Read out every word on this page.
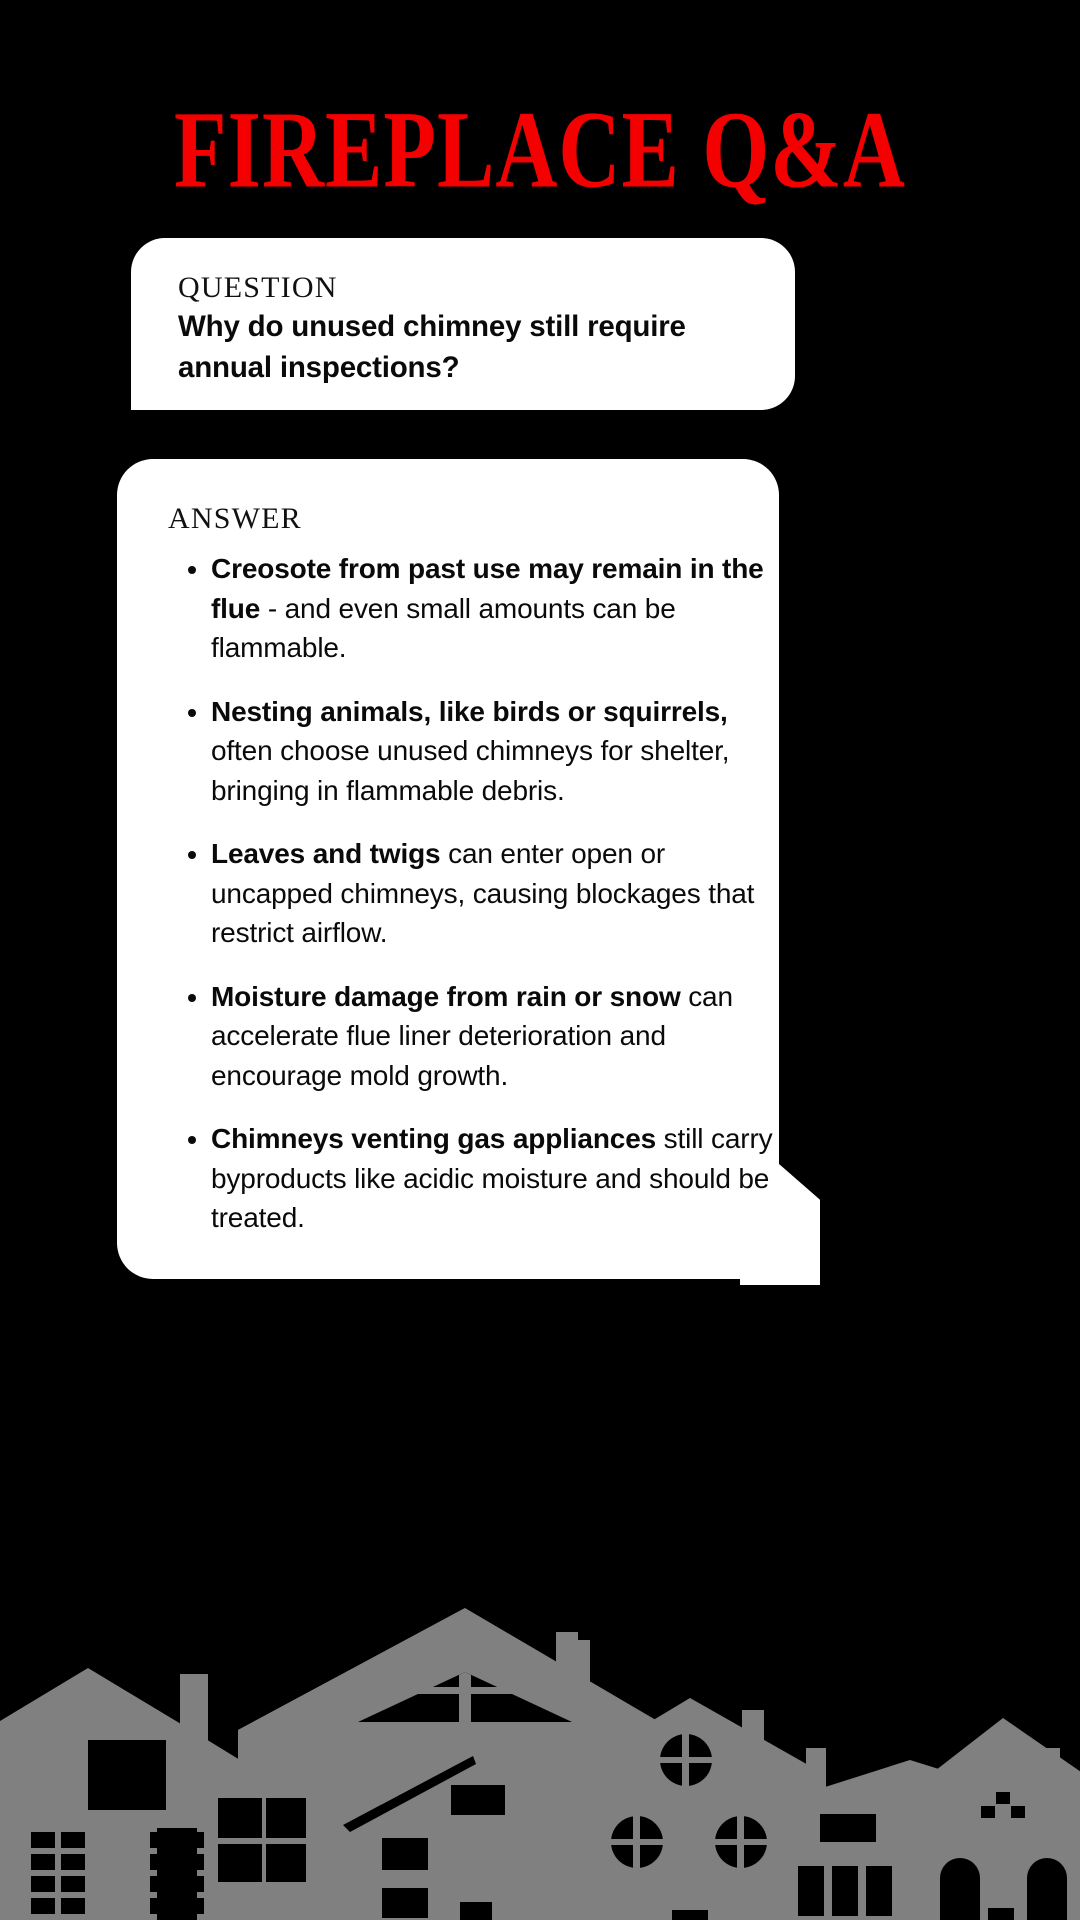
FIREPLACE Q&A
QUESTION
Why do unused chimney still require annual inspections?
ANSWER
Creosote from past use may remain in the flue - and even small amounts can be flammable.
Nesting animals, like birds or squirrels, often choose unused chimneys for shelter, bringing in flammable debris.
Leaves and twigs can enter open or uncapped chimneys, causing blockages that restrict airflow.
Moisture damage from rain or snow can accelerate flue liner deterioration and encourage mold growth.
Chimneys venting gas appliances still carry byproducts like acidic moisture and should be treated.
